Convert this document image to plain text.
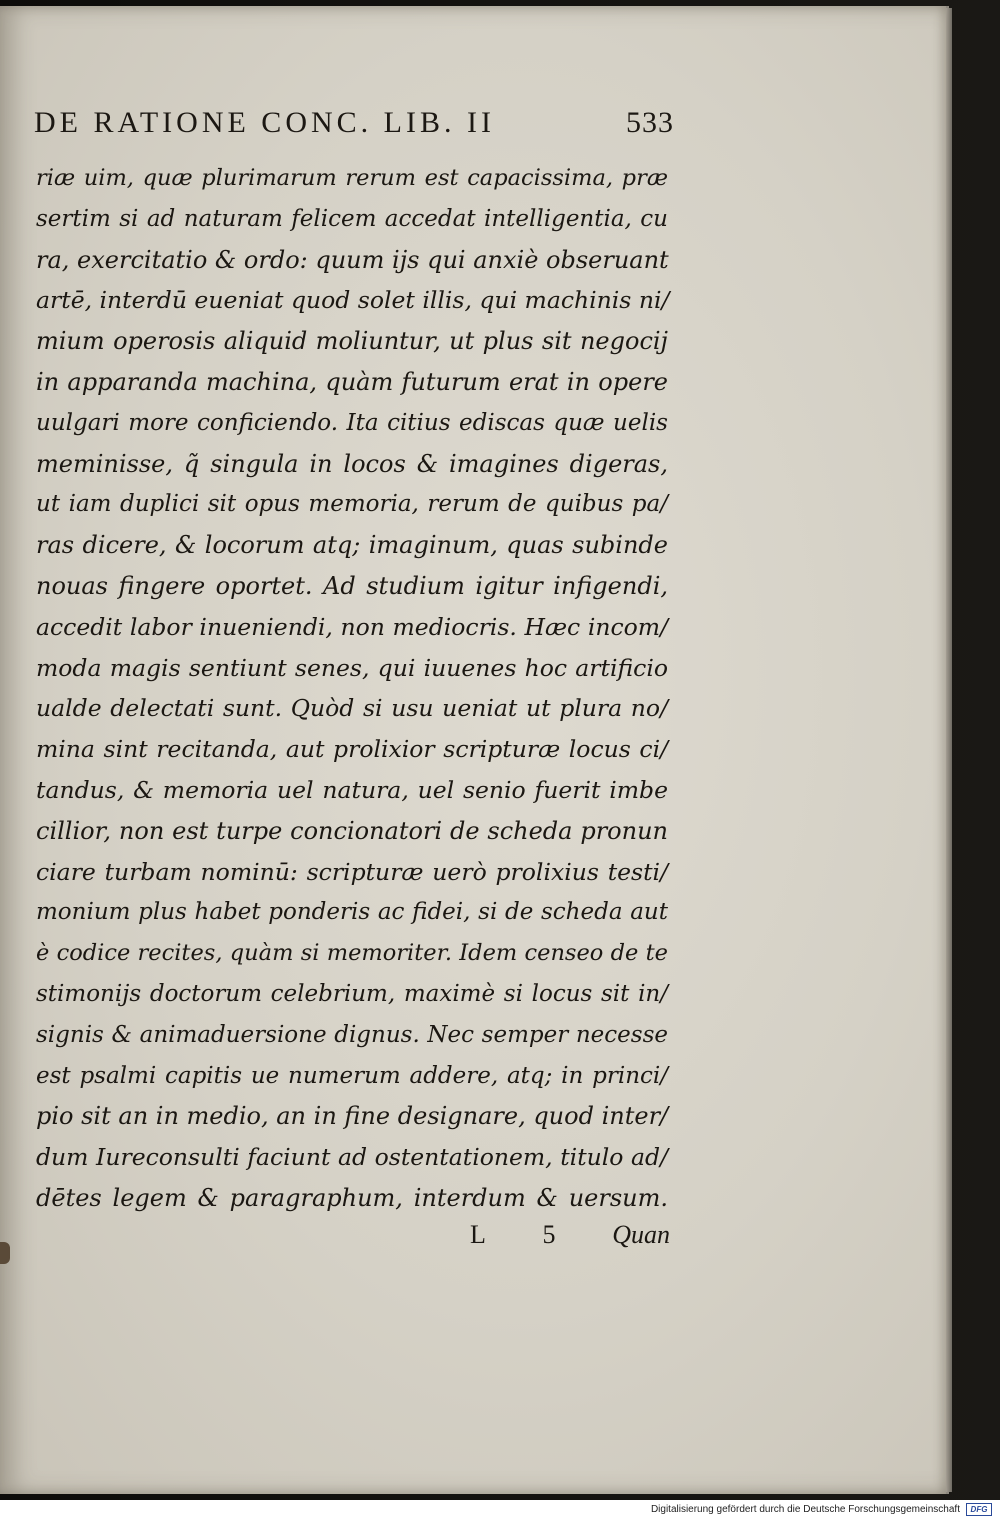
DE RATIONE CONC. LIB. II	533
riæ uim, quæ plurimarum rerum est capacissima, præ
sertim si ad naturam felicem accedat intelligentia, cu
ra, exercitatio & ordo: quum ijs qui anxiè obseruant
artē, interdū eueniat quod solet illis, qui machinis ni/
mium operosis aliquid moliuntur, ut plus sit negocij
in apparanda machina, quàm futurum erat in opere
uulgari more conficiendo. Ita citius ediscas quæ uelis
meminisse, q̃ singula in locos & imagines digeras,
ut iam duplici sit opus memoria, rerum de quibus pa/
ras dicere, & locorum atq; imaginum, quas subinde
nouas fingere oportet. Ad studium igitur infigendi,
accedit labor inueniendi, non mediocris. Hæc incom/
moda magis sentiunt senes, qui iuuenes hoc artificio
ualde delectati sunt. Quòd si usu ueniat ut plura no/
mina sint recitanda, aut prolixior scripturæ locus ci/
tandus, & memoria uel natura, uel senio fuerit imbe
cillior, non est turpe concionatori de scheda pronun
ciare turbam nominū: scripturæ uerò prolixius testi/
monium plus habet ponderis ac fidei, si de scheda aut
è codice recites, quàm si memoriter. Idem censeo de te
stimonijs doctorum celebrium, maximè si locus sit in/
signis & animaduersione dignus. Nec semper necesse
est psalmi capitis ue numerum addere, atq; in princi/
pio sit an in medio, an in fine designare, quod inter/
dum Iureconsulti faciunt ad ostentationem, titulo ad/
dētes legem & paragraphum, interdum & uersum.
L 5 Quan
Digitalisierung gefördert durch die Deutsche Forschungsgemeinschaft	DFG
